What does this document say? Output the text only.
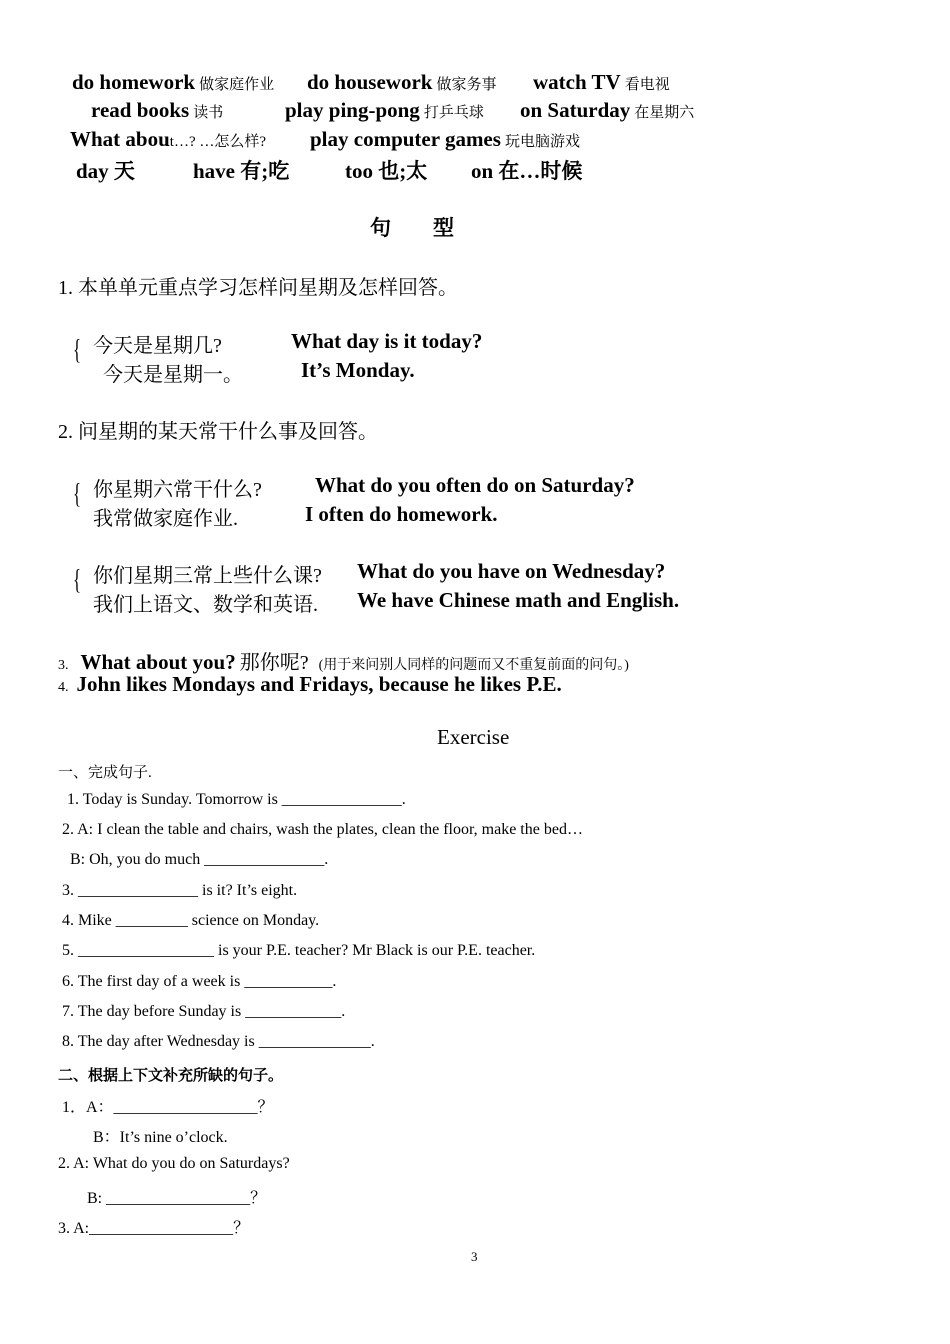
do homework 做家庭作业 do housework 做家务事 watch TV 看电视
read books 读书	play ping-pong 打乒乓球 on Saturday 在星期六
What about…? …怎么样? play computer games 玩电脑游戏
day 天	have 有;吃	too 也;太 on 在…时候
句　　型
1. 本单单元重点学习怎样问星期及怎样回答。
{ 今天是星期几?	What day is it today?
今天是星期一。	It’s Monday.
2. 问星期的某天常干什么事及回答。
{ 你星期六常干什么?	What do you often do on Saturday?
我常做家庭作业.	I often do homework.
{ 你们星期三常上些什么课? What do you have on Wednesday?
我们上语文、数学和英语. We have Chinese math and English.
3. What about you? 那你呢? (用于来问别人同样的问题而又不重复前面的问句。)
4. John likes Mondays and Fridays, because he likes P.E.
Exercise
一、完成句子.
1. Today is Sunday. Tomorrow is _______________.
2. A: I clean the table and chairs, wash the plates, clean the floor, make the bed…
B: Oh, you do much _______________.
3. _______________ is it? It’s eight.
4. Mike _________ science on Monday.
5. _________________ is your P.E. teacher? Mr Black is our P.E. teacher.
6. The first day of a week is ___________.
7. The day before Sunday is ____________.
8. The day after Wednesday is ______________.
二、根据上下文补充所缺的句子。
1．A：__________________？
B：It’s nine o’clock.
2. A: What do you do on Saturdays?
B: __________________？
3. A:__________________？
3
